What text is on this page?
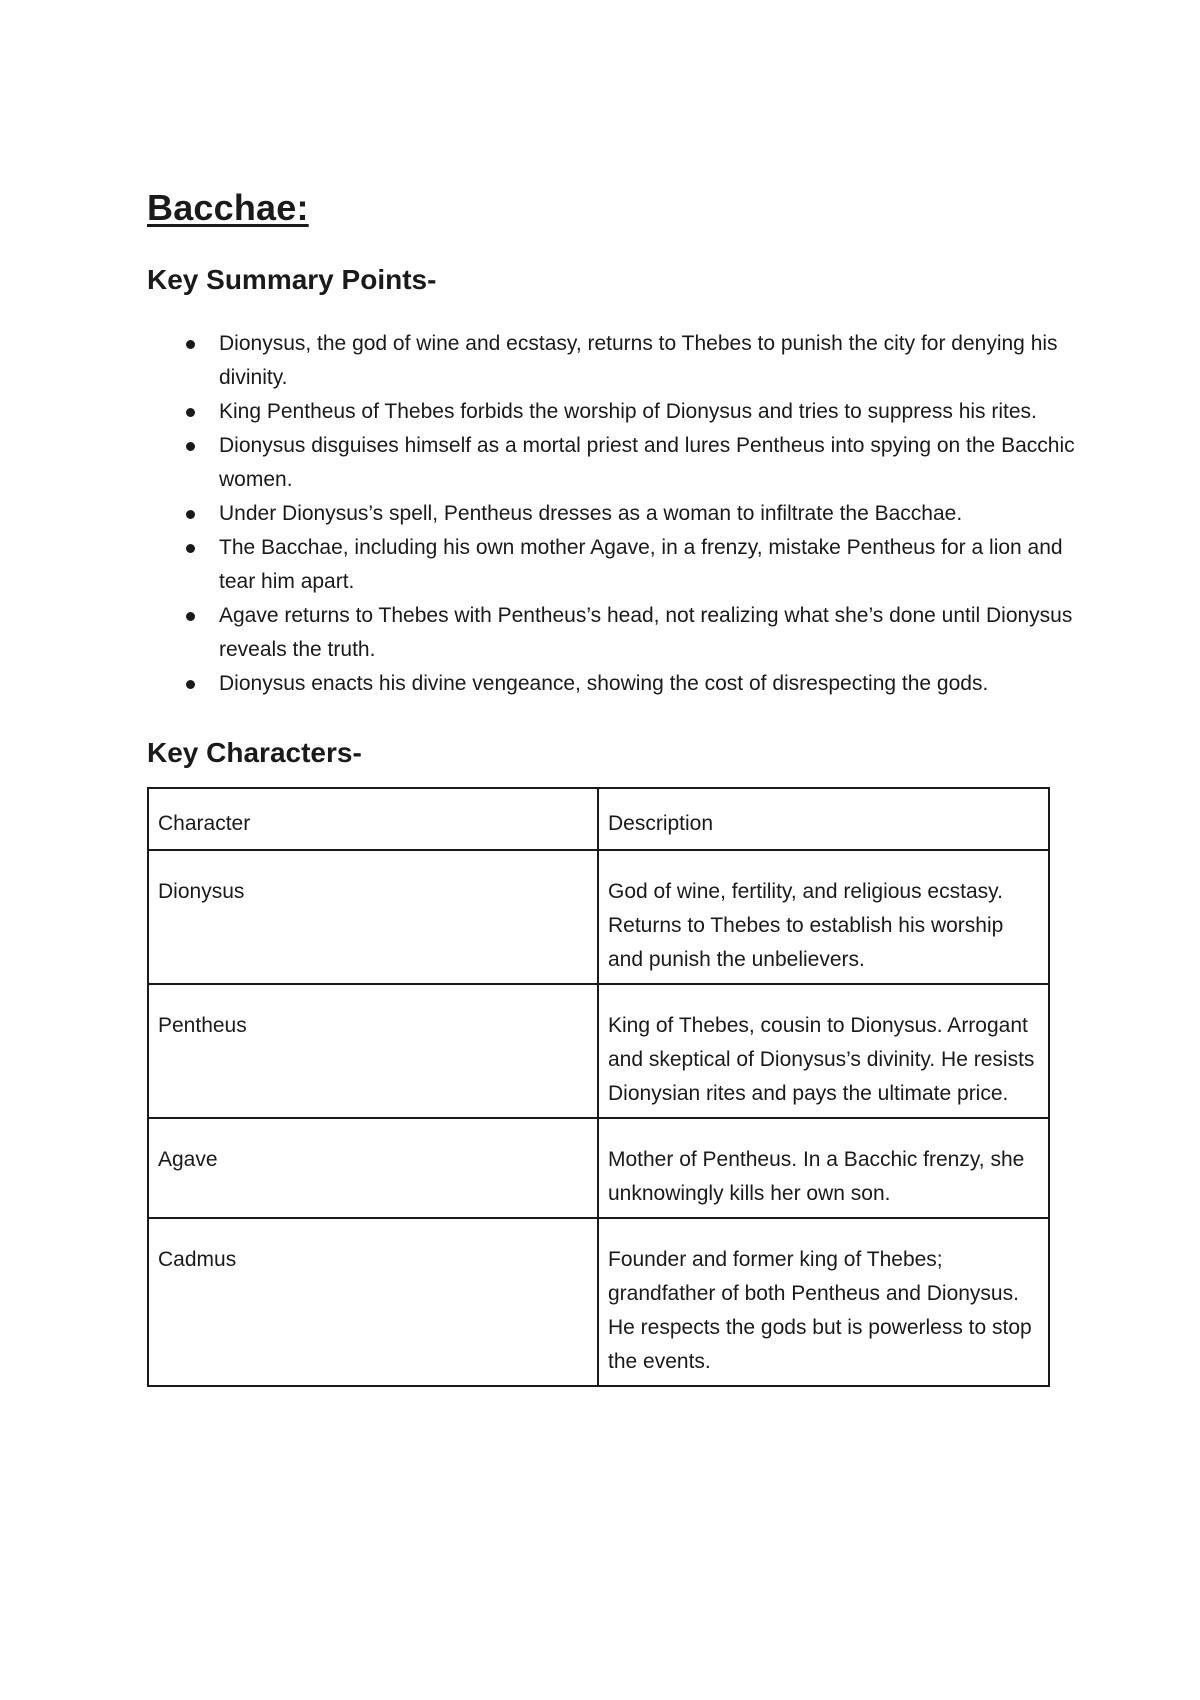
Bacchae:
Key Summary Points-
Dionysus, the god of wine and ecstasy, returns to Thebes to punish the city for denying his divinity.
King Pentheus of Thebes forbids the worship of Dionysus and tries to suppress his rites.
Dionysus disguises himself as a mortal priest and lures Pentheus into spying on the Bacchic women.
Under Dionysus’s spell, Pentheus dresses as a woman to infiltrate the Bacchae.
The Bacchae, including his own mother Agave, in a frenzy, mistake Pentheus for a lion and tear him apart.
Agave returns to Thebes with Pentheus’s head, not realizing what she’s done until Dionysus reveals the truth.
Dionysus enacts his divine vengeance, showing the cost of disrespecting the gods.
Key Characters-
Character	Description
Dionysus	God of wine, fertility, and religious ecstasy. Returns to Thebes to establish his worship and punish the unbelievers.
Pentheus	King of Thebes, cousin to Dionysus. Arrogant and skeptical of Dionysus’s divinity. He resists Dionysian rites and pays the ultimate price.
Agave	Mother of Pentheus. In a Bacchic frenzy, she unknowingly kills her own son.
Cadmus	Founder and former king of Thebes; grandfather of both Pentheus and Dionysus. He respects the gods but is powerless to stop the events.
